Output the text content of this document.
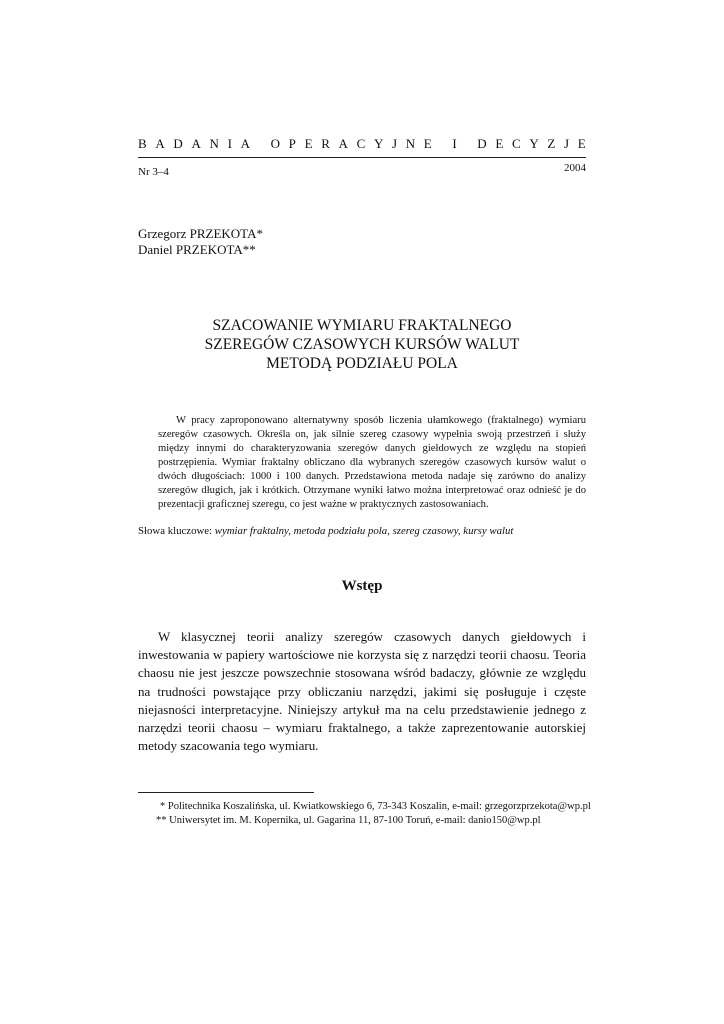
B A D A N I A
O P E R A C Y J N E
I
D E C Y Z J E
Nr 3–4	2004
Grzegorz PRZEKOTA*
Daniel PRZEKOTA**
SZACOWANIE WYMIARU FRAKTALNEGO
SZEREGÓW CZASOWYCH KURSÓW WALUT
METODĄ PODZIAŁU POLA

W pracy zaproponowano alternatywny sposób liczenia ułamkowego (fraktalnego) wymiaru szeregów czasowych. Określa on, jak silnie szereg czasowy wypełnia swoją przestrzeń i służy między innymi do charakteryzowania szeregów danych giełdowych ze względu na stopień postrzępienia. Wymiar fraktalny obliczano dla wybranych szeregów czasowych kursów walut o dwóch długościach: 1000 i 100 danych. Przedstawiona metoda nadaje się zarówno do analizy szeregów długich, jak i krótkich. Otrzymane wyniki łatwo można interpretować oraz odnieść je do prezentacji graficznej szeregu, co jest ważne w praktycznych zastosowaniach.

Słowa kluczowe: wymiar fraktalny, metoda podziału pola, szereg czasowy, kursy walut
Wstęp

W klasycznej teorii analizy szeregów czasowych danych giełdowych i inwestowania w papiery wartościowe nie korzysta się z narzędzi teorii chaosu. Teoria chaosu nie jest jeszcze powszechnie stosowana wśród badaczy, głównie ze względu na trudności powstające przy obliczaniu narzędzi, jakimi się posługuje i częste niejasności interpretacyjne. Niniejszy artykuł ma na celu przedstawienie jednego z narzędzi teorii chaosu – wymiaru fraktalnego, a także zaprezentowanie autorskiej metody szacowania tego wymiaru.

* Politechnika Koszalińska, ul. Kwiatkowskiego 6, 73-343 Koszalin, e-mail: grzegorzprzekota@wp.pl
** Uniwersytet im. M. Kopernika, ul. Gagarina 11, 87-100 Toruń, e-mail: danio150@wp.pl
